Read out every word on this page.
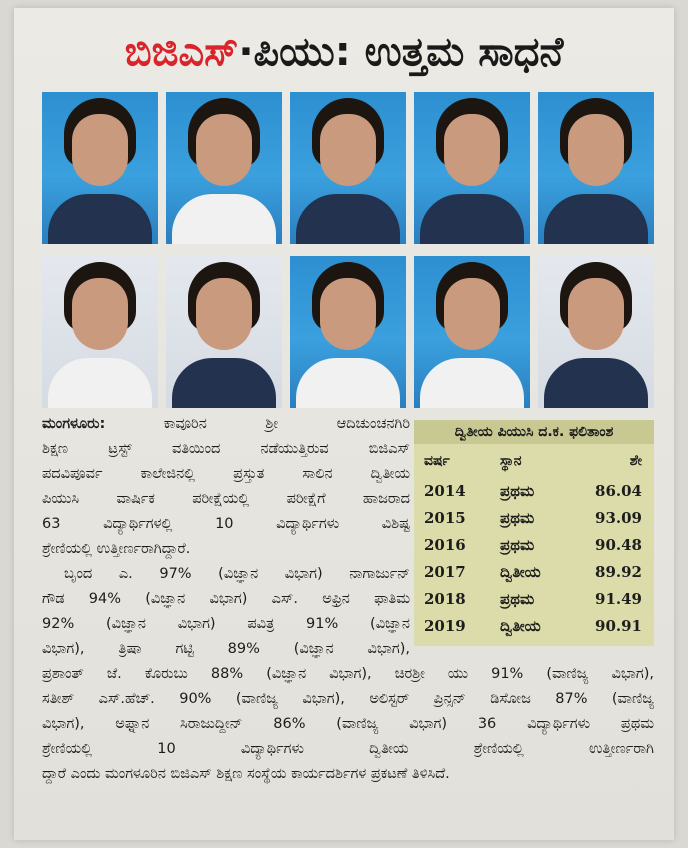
ಬಿಜಿಎಸ್·ಪಿಯು: ಉತ್ತಮ ಸಾಧನೆ
ಮಂಗಳೂರು:	ಕಾವೂರಿನ ಶ್ರೀ ಆದಿಚುಂಚನಗಿರಿ
ಶಿಕ್ಷಣ ಟ್ರಸ್ಟ್ ವತಿಯಿಂದ ನಡೆಯುತ್ತಿರುವ ಬಿಜಿಎಸ್
ಪದವಿಪೂರ್ವ ಕಾಲೇಜಿನಲ್ಲಿ ಪ್ರಸ್ತುತ ಸಾಲಿನ ದ್ವಿತೀಯ
ಪಿಯುಸಿ ವಾರ್ಷಿಕ ಪರೀಕ್ಷೆಯಲ್ಲಿ ಪರೀಕ್ಷೆಗೆ ಹಾಜರಾದ
63 ವಿದ್ಯಾರ್ಥಿಗಳಲ್ಲಿ 10 ವಿದ್ಯಾರ್ಥಿಗಳು ವಿಶಿಷ್ಟ
ಶ್ರೇಣಿಯಲ್ಲಿ ಉತ್ತೀರ್ಣರಾಗಿದ್ದಾರೆ.
ಬೃಂದ ಎ. 97% (ವಿಜ್ಞಾನ ವಿಭಾಗ) ನಾಗಾರ್ಜುನ್
ಗೌಡ 94% (ವಿಜ್ಞಾನ ವಿಭಾಗ) ಎಸ್. ಅಫ್ರಿನ ಫಾತಿಮ
92% (ವಿಜ್ಞಾನ ವಿಭಾಗ) ಪವಿತ್ರ 91% (ವಿಜ್ಞಾನ
ವಿಭಾಗ), ತ್ರಿಷಾ ಗಟ್ಟಿ 89% (ವಿಜ್ಞಾನ ವಿಭಾಗ),
ಪ್ರಶಾಂತ್ ಜೆ. ಕೊರುಬು 88% (ವಿಜ್ಞಾನ ವಿಭಾಗ), ಚಿರಶ್ರೀ ಯು 91% (ವಾಣಿಜ್ಯ ವಿಭಾಗ),
ಸತೀಶ್ ಎಸ್.ಹೆಚ್. 90% (ವಾಣಿಜ್ಯ ವಿಭಾಗ), ಅಲಿಸ್ಟರ್ ಪ್ರಿನ್ಸನ್ ಡಿಸೋಜ 87% (ವಾಣಿಜ್ಯ
ವಿಭಾಗ), ಅಫ್ನಾನ ಸಿರಾಜುದ್ದೀನ್ 86% (ವಾಣಿಜ್ಯ ವಿಭಾಗ) 36 ವಿದ್ಯಾರ್ಥಿಗಳು ಪ್ರಥಮ
ಶ್ರೇಣಿಯಲ್ಲಿ 10 ವಿದ್ಯಾರ್ಥಿಗಳು ದ್ವಿತೀಯ ಶ್ರೇಣಿಯಲ್ಲಿ ಉತ್ತೀರ್ಣರಾಗಿ
ದ್ದಾರೆ ಎಂದು ಮಂಗಳೂರಿನ ಬಿಜಿಎಸ್ ಶಿಕ್ಷಣ ಸಂಸ್ಥೆಯ ಕಾರ್ಯದರ್ಶಿಗಳ ಪ್ರಕಟಣೆ ತಿಳಿಸಿದೆ.
ದ್ವಿತೀಯ ಪಿಯುಸಿ ದ.ಕ. ಫಲಿತಾಂಶ
ವರ್ಷ	ಸ್ಥಾನ	ಶೇ
2014 ಪ್ರಥಮ	86.04
2015 ಪ್ರಥಮ	93.09
2016 ಪ್ರಥಮ	90.48
2017 ದ್ವಿತೀಯ	89.92
2018 ಪ್ರಥಮ	91.49
2019 ದ್ವಿತೀಯ	90.91
